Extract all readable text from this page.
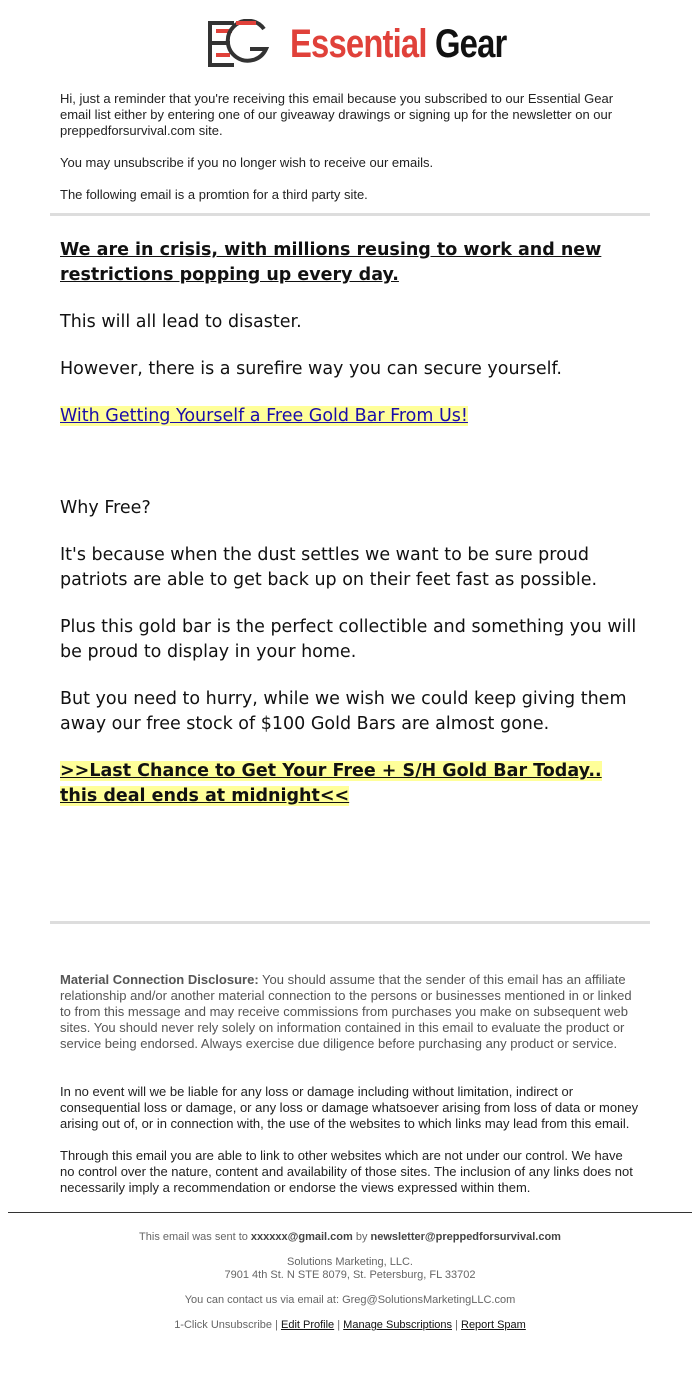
Essential Gear

Hi, just a reminder that you're receiving this email because you subscribed to our Essential Gear email list either by entering one of our giveaway drawings or signing up for the newsletter on our preppedforsurvival.com site.

You may unsubscribe if you no longer wish to receive our emails.

The following email is a promtion for a third party site.

We are in crisis, with millions reusing to work and new restrictions popping up every day.

This will all lead to disaster.

However, there is a surefire way you can secure yourself.

With Getting Yourself a Free Gold Bar From Us!

Why Free?

It's because when the dust settles we want to be sure proud patriots are able to get back up on their feet fast as possible.

Plus this gold bar is the perfect collectible and something you will be proud to display in your home.

But you need to hurry, while we wish we could keep giving them away our free stock of $100 Gold Bars are almost gone.

>>Last Chance to Get Your Free + S/H Gold Bar Today.. this deal ends at midnight<<

Material Connection Disclosure: You should assume that the sender of this email has an affiliate relationship and/or another material connection to the persons or businesses mentioned in or linked to from this message and may receive commissions from purchases you make on subsequent web sites. You should never rely solely on information contained in this email to evaluate the product or service being endorsed. Always exercise due diligence before purchasing any product or service.

In no event will we be liable for any loss or damage including without limitation, indirect or consequential loss or damage, or any loss or damage whatsoever arising from loss of data or money arising out of, or in connection with, the use of the websites to which links may lead from this email.

Through this email you are able to link to other websites which are not under our control. We have no control over the nature, content and availability of those sites. The inclusion of any links does not necessarily imply a recommendation or endorse the views expressed within them.

This email was sent to xxxxxx@gmail.com by newsletter@preppedforsurvival.com

Solutions Marketing, LLC.
7901 4th St. N STE 8079, St. Petersburg, FL 33702

You can contact us via email at: Greg@SolutionsMarketingLLC.com

1-Click Unsubscribe | Edit Profile | Manage Subscriptions | Report Spam
